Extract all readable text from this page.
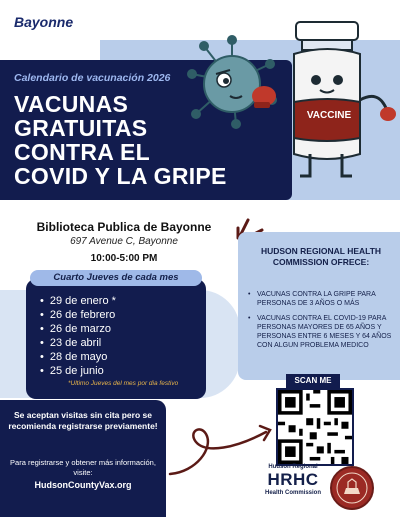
Bayonne
Calendario de vacunación 2026
VACUNAS
GRATUITAS
CONTRA EL
COVID Y LA GRIPE
VACCINE
Biblioteca Publica de Bayonne
697 Avenue C, Bayonne
10:00-5:00 PM
Cuarto Jueves de cada mes
• 29 de enero *
• 26 de febrero
• 26 de marzo
• 23 de abril
• 28 de mayo
• 25 de junio
*Ultimo Jueves del mes por dia festivo
HUDSON REGIONAL HEALTH COMMISSION OFRECE:
• VACUNAS CONTRA LA GRIPE PARA PERSONAS DE 3 AÑOS O MÁS
• VACUNAS CONTRA EL COVID-19 PARA PERSONAS MAYORES DE 65 AÑOS Y PERSONAS ENTRE 6 MESES Y 64 AÑOS CON ALGUN PROBLEMA MEDICO
Se aceptan visitas sin cita pero se recomienda registrarse previamente!
Para registrarse y obtener más información, visite:
HudsonCountyVax.org
SCAN ME
Hudson Regional
HRHC
Health Commission
